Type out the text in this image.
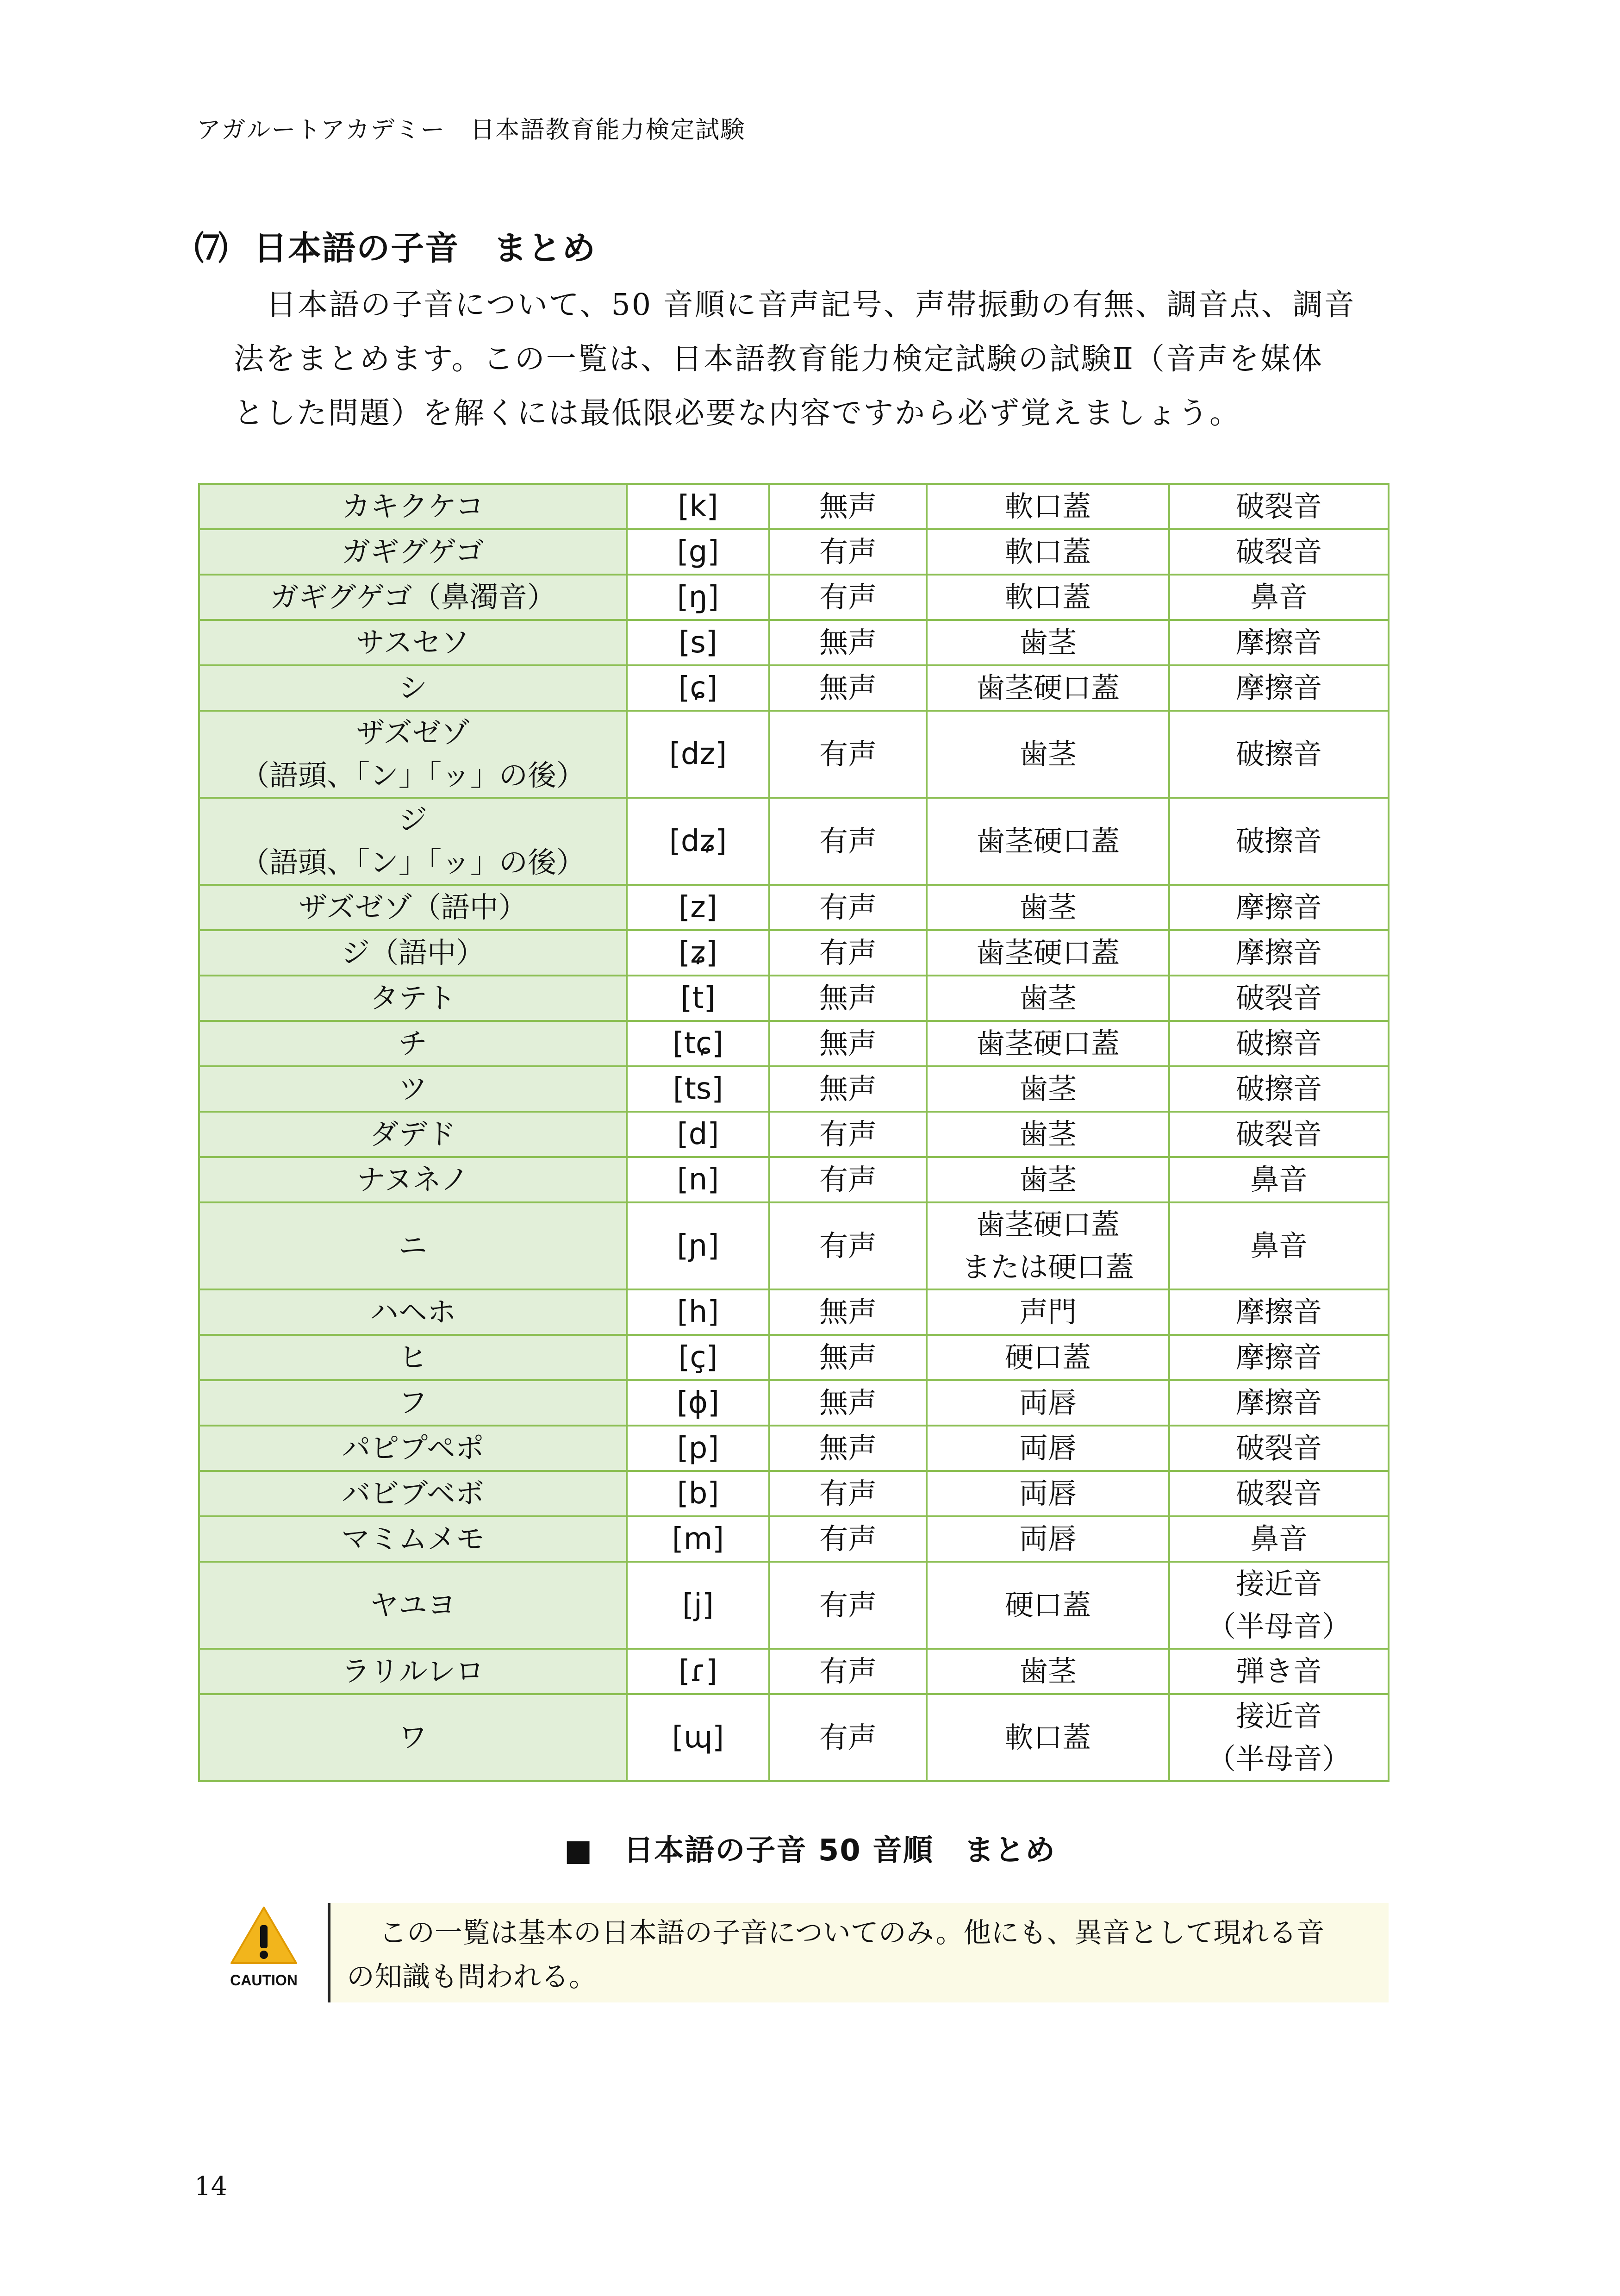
アガルートアカデミー　日本語教育能力検定試験
⑺ 日本語の子音　まとめ

日本語の子音について、50 音順に音声記号、声帯振動の有無、調音点、調音

法をまとめます。この一覧は、日本語教育能力検定試験の試験Ⅱ（音声を媒体

とした問題）を解くには最低限必要な内容ですから必ず覚えましょう。

カキクケコ	[k]	無声	軟口蓋	破裂音

ガギグゲゴ	[g]	有声	軟口蓋	破裂音

ガギグゲゴ（鼻濁音）	[ŋ]	有声	軟口蓋	鼻音

サスセソ	[s]	無声	歯茎	摩擦音

シ	[ɕ]	無声	歯茎硬口蓋	摩擦音

ザズゼゾ
（語頭、「ン」「ッ」の後）	[dz]	有声	歯茎	破擦音

ジ
（語頭、「ン」「ッ」の後）	[dʑ]	有声	歯茎硬口蓋	破擦音

ザズゼゾ（語中）	[z]	有声	歯茎	摩擦音

ジ（語中）	[ʑ]	有声	歯茎硬口蓋	摩擦音

タテト	[t]	無声	歯茎	破裂音

チ	[tɕ]	無声	歯茎硬口蓋	破擦音

ツ	[ts]	無声	歯茎	破擦音

ダデド	[d]	有声	歯茎	破裂音

ナヌネノ	[n]	有声	歯茎	鼻音

ニ	[ɲ]	有声	歯茎硬口蓋
または硬口蓋	鼻音

ハヘホ	[h]	無声	声門	摩擦音

ヒ	[ç]	無声	硬口蓋	摩擦音

フ	[ɸ]	無声	両唇	摩擦音

パピプペポ	[p]	無声	両唇	破裂音

バビブベボ	[b]	有声	両唇	破裂音

マミムメモ	[m]	有声	両唇	鼻音

ヤユヨ	[j]	有声	硬口蓋	接近音
（半母音）

ラリルレロ	[ɾ]	有声	歯茎	弾き音

ワ	[ɰ]	有声	軟口蓋	接近音
（半母音）
■　日本語の子音 50 音順　まとめ
CAUTION

この一覧は基本の日本語の子音についてのみ。他にも、異音として現れる音

の知識も問われる。

14
